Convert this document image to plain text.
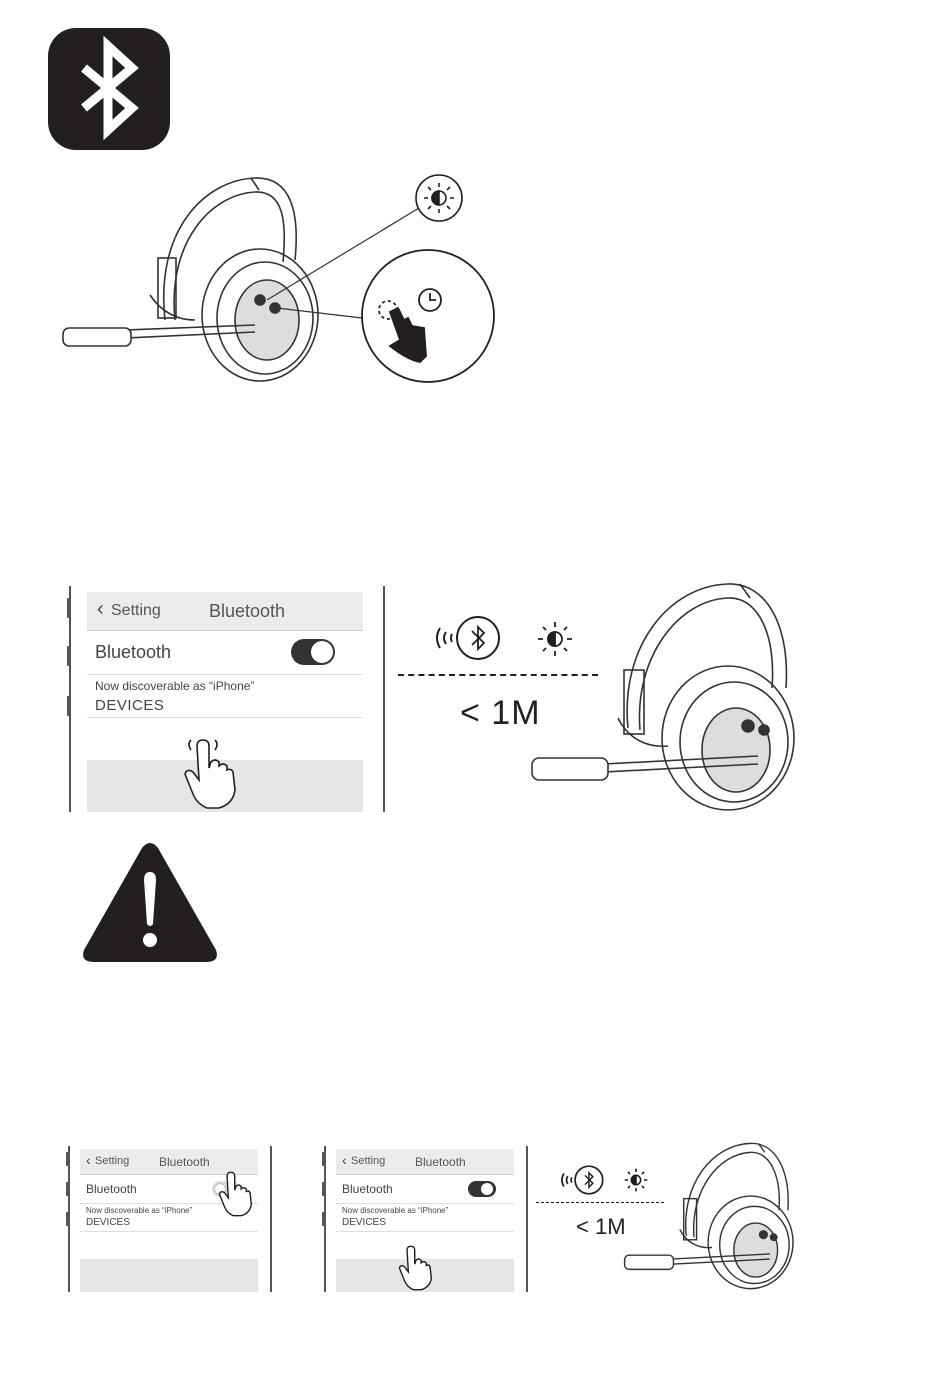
‹ Setting	Bluetooth
Bluetooth
Now discoverable as “iPhone”
DEVICES	< 1M
‹ Setting Bluetooth
Bluetooth
Now discoverable as “iPhone”
DEVICES
‹ Setting Bluetooth
Bluetooth
Now discoverable as “iPhone”
DEVICES	< 1M
